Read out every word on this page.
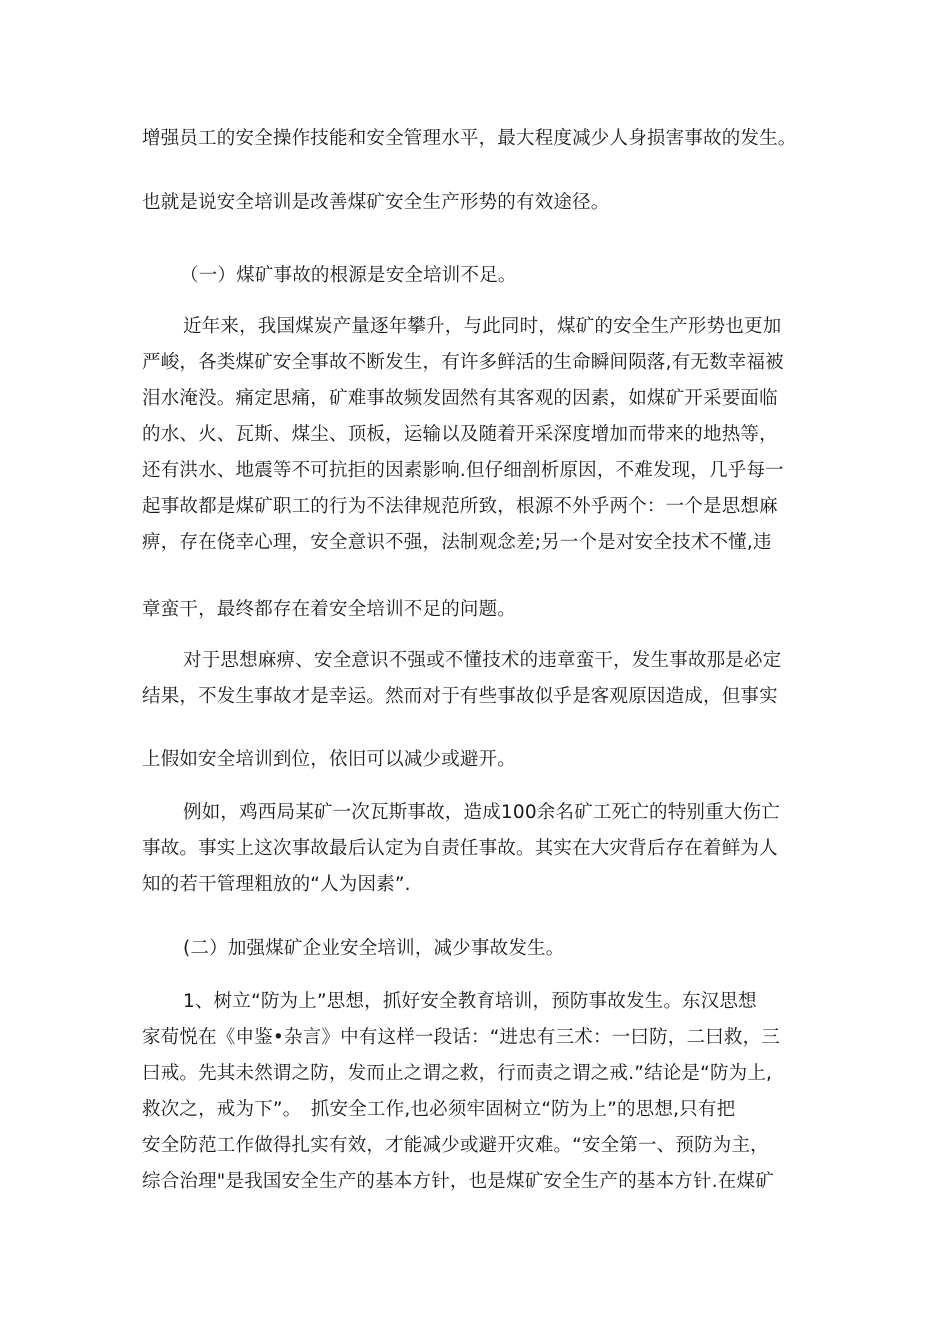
增强员工的安全操作技能和安全管理水平，最大程度减少人身损害事故的发生。
也就是说安全培训是改善煤矿安全生产形势的有效途径。
（一）煤矿事故的根源是安全培训不足。
近年来，我国煤炭产量逐年攀升，与此同时，煤矿的安全生产形势也更加
严峻，各类煤矿安全事故不断发生，有许多鲜活的生命瞬间陨落,有无数幸福被
泪水淹没。痛定思痛，矿难事故频发固然有其客观的因素，如煤矿开采要面临
的水、火、瓦斯、煤尘、顶板，运输以及随着开采深度增加而带来的地热等，
还有洪水、地震等不可抗拒的因素影响.但仔细剖析原因，不难发现，几乎每一
起事故都是煤矿职工的行为不法律规范所致，根源不外乎两个：一个是思想麻
痹，存在侥幸心理，安全意识不强，法制观念差;另一个是对安全技术不懂,违
章蛮干，最终都存在着安全培训不足的问题。
对于思想麻痹、安全意识不强或不懂技术的违章蛮干，发生事故那是必定
结果，不发生事故才是幸运。然而对于有些事故似乎是客观原因造成，但事实
上假如安全培训到位，依旧可以减少或避开。
例如，鸡西局某矿一次瓦斯事故，造成100余名矿工死亡的特别重大伤亡
事故。事实上这次事故最后认定为自责任事故。其实在大灾背后存在着鲜为人
知的若干管理粗放的“人为因素”.
(二）加强煤矿企业安全培训，减少事故发生。
1、树立“防为上”思想，抓好安全教育培训，预防事故发生。东汉思想
家荀悦在《申鉴•杂言》中有这样一段话：“进忠有三术：一曰防，二曰救，三
曰戒。先其未然谓之防，发而止之谓之救，行而责之谓之戒.”结论是“防为上,
救次之，戒为下”。　抓安全工作,也必须牢固树立“防为上”的思想,只有把
安全防范工作做得扎实有效，才能减少或避开灾难。“安全第一、预防为主，
综合治理"是我国安全生产的基本方针，也是煤矿安全生产的基本方针.在煤矿
